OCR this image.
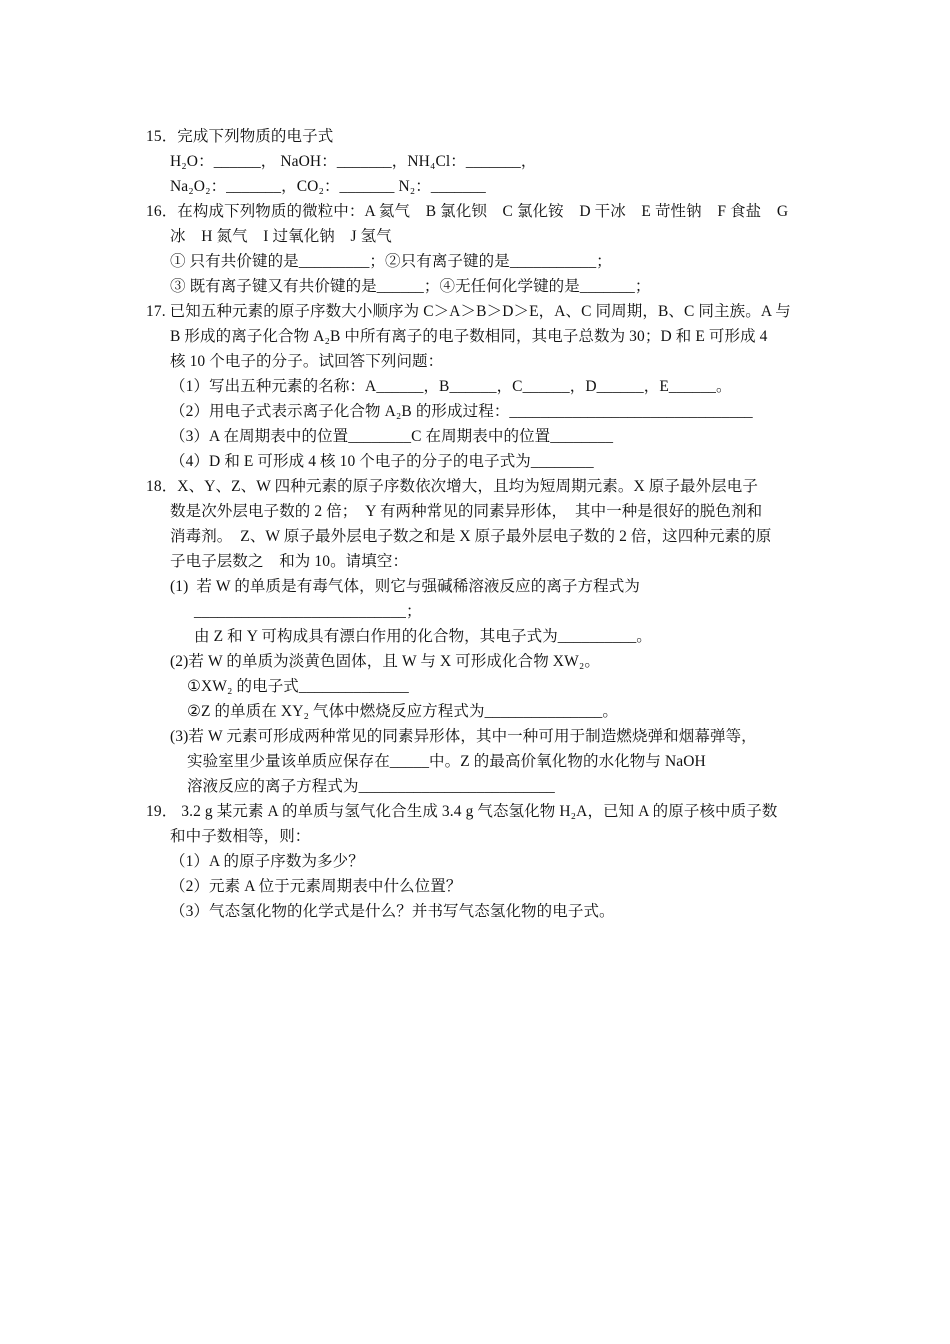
15．完成下列物质的电子式
H₂O：______， NaOH：_______，NH₄Cl：_______，
Na₂O₂：_______，CO₂：_______ N₂：_______
16．在构成下列物质的微粒中：A 氦气　B 氯化钡　C 氯化铵　D 干冰　E 苛性钠　F 食盐　G
冰　H 氮气　I 过氧化钠　J 氢气
① 只有共价键的是_________；②只有离子键的是___________；
③ 既有离子键又有共价键的是______；④无任何化学键的是_______；
17. 已知五种元素的原子序数大小顺序为 C＞A＞B＞D＞E，A、C 同周期，B、C 同主族。A 与
B 形成的离子化合物 A₂B 中所有离子的电子数相同，其电子总数为 30；D 和 E 可形成 4
核 10 个电子的分子。试回答下列问题：
（1）写出五种元素的名称：A______，B______，C______，D______，E______。
（2）用电子式表示离子化合物 A₂B 的形成过程：_______________________________
（3）A 在周期表中的位置________C 在周期表中的位置________
（4）D 和 E 可形成 4 核 10 个电子的分子的电子式为________
18．X、Y、Z、W 四种元素的原子序数依次增大，且均为短周期元素。X 原子最外层电子
数是次外层电子数的 2 倍；　Y 有两种常见的同素异形体，　其中一种是很好的脱色剂和
消毒剂。　Z、W 原子最外层电子数之和是 X 原子最外层电子数的 2 倍，这四种元素的原
子电子层数之　和为 10。请填空：
(1)  若 W 的单质是有毒气体，则它与强碱稀溶液反应的离子方程式为
___________________________；
由 Z 和 Y 可构成具有漂白作用的化合物，其电子式为__________。
(2)若 W 的单质为淡黄色固体，且 W 与 X 可形成化合物 XW₂。
①XW₂ 的电子式______________
②Z 的单质在 XY₂ 气体中燃烧反应方程式为_______________。
(3)若 W 元素可形成两种常见的同素异形体，其中一种可用于制造燃烧弹和烟幕弹等，
实验室里少量该单质应保存在_____中。Z 的最高价氧化物的水化物与 NaOH
溶液反应的离子方程式为_________________________
19． 3.2 g 某元素 A 的单质与氢气化合生成 3.4 g 气态氢化物 H₂A，已知 A 的原子核中质子数
和中子数相等，则：
（1）A 的原子序数为多少？
（2）元素 A 位于元素周期表中什么位置？
（3）气态氢化物的化学式是什么？并书写气态氢化物的电子式。
